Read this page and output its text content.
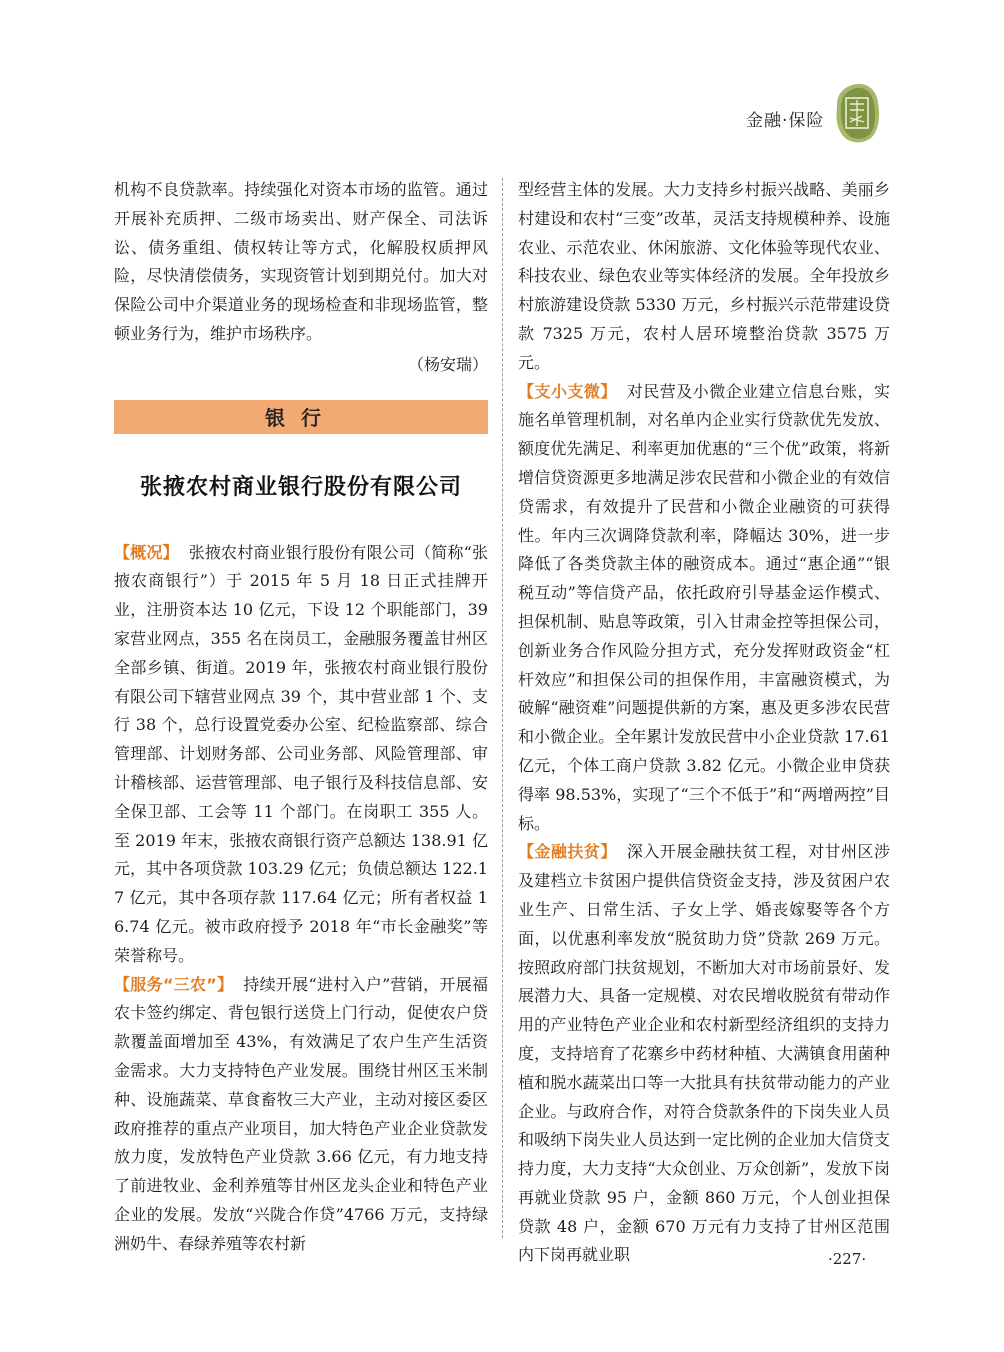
金融·保险

机构不良贷款率。持续强化对资本市场的监管。通过开展补充质押、二级市场卖出、财产保全、司法诉讼、债务重组、债权转让等方式，化解股权质押风险，尽快清偿债务，实现资管计划到期兑付。加大对保险公司中介渠道业务的现场检查和非现场监管，整顿业务行为，维护市场秩序。

（杨安瑞）

银行
张掖农村商业银行股份有限公司

【概况】 张掖农村商业银行股份有限公司（简称“张掖农商银行”）于 2015 年 5 月 18 日正式挂牌开业，注册资本达 10 亿元，下设 12 个职能部门，39 家营业网点，355 名在岗员工，金融服务覆盖甘州区全部乡镇、街道。2019 年，张掖农村商业银行股份有限公司下辖营业网点 39 个，其中营业部 1 个、支行 38 个，总行设置党委办公室、纪检监察部、综合管理部、计划财务部、公司业务部、风险管理部、审计稽核部、运营管理部、电子银行及科技信息部、安全保卫部、工会等 11 个部门。在岗职工 355 人。至 2019 年末，张掖农商银行资产总额达 138.91 亿元，其中各项贷款 103.29 亿元；负债总额达 122.17 亿元，其中各项存款 117.64 亿元；所有者权益 16.74 亿元。被市政府授予 2018 年“市长金融奖”等荣誉称号。

【服务“三农”】 持续开展“进村入户”营销，开展福农卡签约绑定、背包银行送贷上门行动，促使农户贷款覆盖面增加至 43%，有效满足了农户生产生活资金需求。大力支持特色产业发展。围绕甘州区玉米制种、设施蔬菜、草食畜牧三大产业，主动对接区委区政府推荐的重点产业项目，加大特色产业企业贷款发放力度，发放特色产业贷款 3.66 亿元，有力地支持了前进牧业、金利养殖等甘州区龙头企业和特色产业企业的发展。发放“兴陇合作贷”4766 万元，支持绿洲奶牛、春绿养殖等农村新

型经营主体的发展。大力支持乡村振兴战略、美丽乡村建设和农村“三变”改革，灵活支持规模种养、设施农业、示范农业、休闲旅游、文化体验等现代农业、科技农业、绿色农业等实体经济的发展。全年投放乡村旅游建设贷款 5330 万元，乡村振兴示范带建设贷款 7325 万元，农村人居环境整治贷款 3575 万元。

【支小支微】 对民营及小微企业建立信息台账，实施名单管理机制，对名单内企业实行贷款优先发放、额度优先满足、利率更加优惠的“三个优”政策，将新增信贷资源更多地满足涉农民营和小微企业的有效信贷需求，有效提升了民营和小微企业融资的可获得性。年内三次调降贷款利率，降幅达 30%，进一步降低了各类贷款主体的融资成本。通过“惠企通”“银税互动”等信贷产品，依托政府引导基金运作模式、担保机制、贴息等政策，引入甘肃金控等担保公司，创新业务合作风险分担方式，充分发挥财政资金“杠杆效应”和担保公司的担保作用，丰富融资模式，为破解“融资难”问题提供新的方案，惠及更多涉农民营和小微企业。全年累计发放民营中小企业贷款 17.61 亿元，个体工商户贷款 3.82 亿元。小微企业申贷获得率 98.53%，实现了“三个不低于”和“两增两控”目标。

【金融扶贫】 深入开展金融扶贫工程，对甘州区涉及建档立卡贫困户提供信贷资金支持，涉及贫困户农业生产、日常生活、子女上学、婚丧嫁娶等各个方面，以优惠利率发放“脱贫助力贷”贷款 269 万元。按照政府部门扶贫规划，不断加大对市场前景好、发展潜力大、具备一定规模、对农民增收脱贫有带动作用的产业特色产业企业和农村新型经济组织的支持力度，支持培育了花寨乡中药材种植、大满镇食用菌种植和脱水蔬菜出口等一大批具有扶贫带动能力的产业企业。与政府合作，对符合贷款条件的下岗失业人员和吸纳下岗失业人员达到一定比例的企业加大信贷支持力度，大力支持“大众创业、万众创新”，发放下岗再就业贷款 95 户，金额 860 万元，个人创业担保贷款 48 户，金额 670 万元有力支持了甘州区范围内下岗再就业职	·227·
